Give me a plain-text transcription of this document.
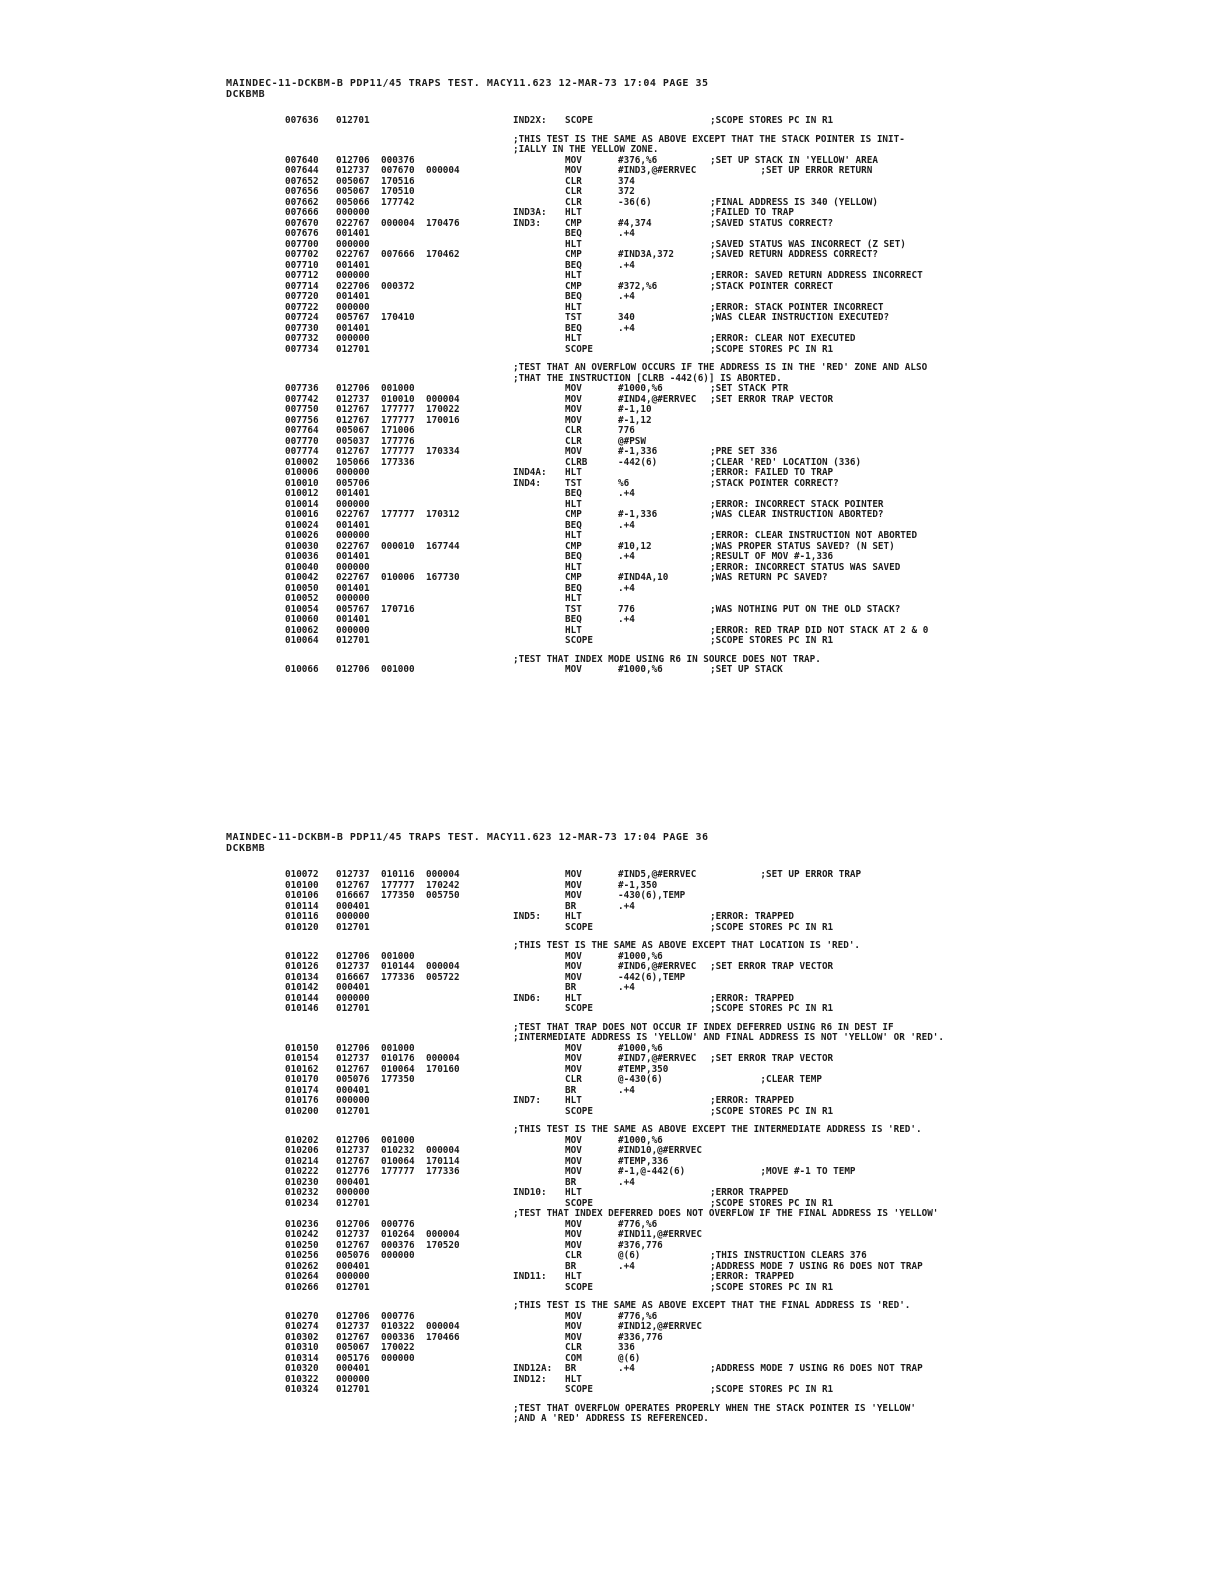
MAINDEC-11-DCKBM-B PDP11/45 TRAPS TEST. MACY11.623 12-MAR-73 17:04 PAGE 35
DCKBMB
007636 012701	IND2X: SCOPE	;SCOPE STORES PC IN R1
;THIS TEST IS THE SAME AS ABOVE EXCEPT THAT THE STACK POINTER IS INIT-
;IALLY IN THE YELLOW ZONE.
007640 012706 000376	MOV	#376,%6	;SET UP STACK IN 'YELLOW' AREA
007644 012737 007670 000004	MOV	#IND3,@#ERRVEC ;SET UP ERROR RETURN
007652 005067 170516	CLR	374
007656 005067 170510	CLR	372
007662 005066 177742	CLR	-36(6)	;FINAL ADDRESS IS 340 (YELLOW)
007666 000000	IND3A: HLT	;FAILED TO TRAP
007670 022767 000004 170476	IND3:	CMP	#4,374	;SAVED STATUS CORRECT?
007676 001401	BEQ	.+4
007700 000000	HLT	;SAVED STATUS WAS INCORRECT (Z SET)
007702 022767 007666 170462	CMP	#IND3A,372	;SAVED RETURN ADDRESS CORRECT?
007710 001401	BEQ	.+4
007712 000000	HLT	;ERROR: SAVED RETURN ADDRESS INCORRECT
007714 022706 000372	CMP	#372,%6	;STACK POINTER CORRECT
007720 001401	BEQ	.+4
007722 000000	HLT	;ERROR: STACK POINTER INCORRECT
007724 005767 170410	TST	340	;WAS CLEAR INSTRUCTION EXECUTED?
007730 001401	BEQ	.+4
007732 000000	HLT	;ERROR: CLEAR NOT EXECUTED
007734 012701	SCOPE	;SCOPE STORES PC IN R1
;TEST THAT AN OVERFLOW OCCURS IF THE ADDRESS IS IN THE 'RED' ZONE AND ALSO
;THAT THE INSTRUCTION [CLRB -442(6)] IS ABORTED.
007736 012706 001000	MOV	#1000,%6	;SET STACK PTR
007742 012737 010010 000004	MOV	#IND4,@#ERRVEC ;SET ERROR TRAP VECTOR
007750 012767 177777 170022	MOV	#-1,10
007756 012767 177777 170016	MOV	#-1,12
007764 005067 171006	CLR	776
007770 005037 177776	CLR	@#PSW
007774 012767 177777 170334	MOV	#-1,336	;PRE SET 336
010002 105066 177336	CLRB	-442(6)	;CLEAR 'RED' LOCATION (336)
010006 000000	IND4A: HLT	;ERROR: FAILED TO TRAP
010010 005706	IND4:	TST	%6	;STACK POINTER CORRECT?
010012 001401	BEQ	.+4
010014 000000	HLT	;ERROR: INCORRECT STACK POINTER
010016 022767 177777 170312	CMP	#-1,336	;WAS CLEAR INSTRUCTION ABORTED?
010024 001401	BEQ	.+4
010026 000000	HLT	;ERROR: CLEAR INSTRUCTION NOT ABORTED
010030 022767 000010 167744	CMP	#10,12	;WAS PROPER STATUS SAVED? (N SET)
010036 001401	BEQ	.+4	;RESULT OF MOV #-1,336
010040 000000	HLT	;ERROR: INCORRECT STATUS WAS SAVED
010042 022767 010006 167730	CMP	#IND4A,10	;WAS RETURN PC SAVED?
010050 001401	BEQ	.+4
010052 000000	HLT
010054 005767 170716	TST	776	;WAS NOTHING PUT ON THE OLD STACK?
010060 001401	BEQ	.+4
010062 000000	HLT	;ERROR: RED TRAP DID NOT STACK AT 2 & 0
010064 012701	SCOPE	;SCOPE STORES PC IN R1
;TEST THAT INDEX MODE USING R6 IN SOURCE DOES NOT TRAP.
010066 012706 001000	MOV	#1000,%6	;SET UP STACK
MAINDEC-11-DCKBM-B PDP11/45 TRAPS TEST. MACY11.623 12-MAR-73 17:04 PAGE 36
DCKBMB
010072 012737 010116 000004	MOV	#IND5,@#ERRVEC ;SET UP ERROR TRAP
010100 012767 177777 170242	MOV	#-1,350
010106 016667 177350 005750	MOV	-430(6),TEMP
010114 000401	BR	.+4
010116 000000	IND5:	HLT	;ERROR: TRAPPED
010120 012701	SCOPE	;SCOPE STORES PC IN R1
;THIS TEST IS THE SAME AS ABOVE EXCEPT THAT LOCATION IS 'RED'.
010122 012706 001000	MOV	#1000,%6
010126 012737 010144 000004	MOV	#IND6,@#ERRVEC ;SET ERROR TRAP VECTOR
010134 016667 177336 005722	MOV	-442(6),TEMP
010142 000401	BR	.+4
010144 000000	IND6:	HLT	;ERROR: TRAPPED
010146 012701	SCOPE	;SCOPE STORES PC IN R1
;TEST THAT TRAP DOES NOT OCCUR IF INDEX DEFERRED USING R6 IN DEST IF
;INTERMEDIATE ADDRESS IS 'YELLOW' AND FINAL ADDRESS IS NOT 'YELLOW' OR 'RED'.
010150 012706 001000	MOV	#1000,%6
010154 012737 010176 000004	MOV	#IND7,@#ERRVEC ;SET ERROR TRAP VECTOR
010162 012767 010064 170160	MOV	#TEMP,350
010170 005076 177350	CLR	@-430(6)	;CLEAR TEMP
010174 000401	BR	.+4
010176 000000	IND7:	HLT	;ERROR: TRAPPED
010200 012701	SCOPE	;SCOPE STORES PC IN R1
;THIS TEST IS THE SAME AS ABOVE EXCEPT THE INTERMEDIATE ADDRESS IS 'RED'.
010202 012706 001000	MOV	#1000,%6
010206 012737 010232 000004	MOV	#IND10,@#ERRVEC
010214 012767 010064 170114	MOV	#TEMP,336
010222 012776 177777 177336	MOV	#-1,@-442(6)	;MOVE #-1 TO TEMP
010230 000401	BR	.+4
010232 000000	IND10: HLT	;ERROR TRAPPED
010234 012701	SCOPE	;SCOPE STORES PC IN R1
;TEST THAT INDEX DEFERRED DOES NOT OVERFLOW IF THE FINAL ADDRESS IS 'YELLOW'
010236 012706 000776	MOV	#776,%6
010242 012737 010264 000004	MOV	#IND11,@#ERRVEC
010250 012767 000376 170520	MOV	#376,776
010256 005076 000000	CLR	@(6)	;THIS INSTRUCTION CLEARS 376
010262 000401	BR	.+4	;ADDRESS MODE 7 USING R6 DOES NOT TRAP
010264 000000	IND11: HLT	;ERROR: TRAPPED
010266 012701	SCOPE	;SCOPE STORES PC IN R1
;THIS TEST IS THE SAME AS ABOVE EXCEPT THAT THE FINAL ADDRESS IS 'RED'.
010270 012706 000776	MOV	#776,%6
010274 012737 010322 000004	MOV	#IND12,@#ERRVEC
010302 012767 000336 170466	MOV	#336,776
010310 005067 170022	CLR	336
010314 005176 000000	COM	@(6)
010320 000401	IND12A: BR	.+4	;ADDRESS MODE 7 USING R6 DOES NOT TRAP
010322 000000	IND12: HLT
010324 012701	SCOPE	;SCOPE STORES PC IN R1
;TEST THAT OVERFLOW OPERATES PROPERLY WHEN THE STACK POINTER IS 'YELLOW'
;AND A 'RED' ADDRESS IS REFERENCED.
